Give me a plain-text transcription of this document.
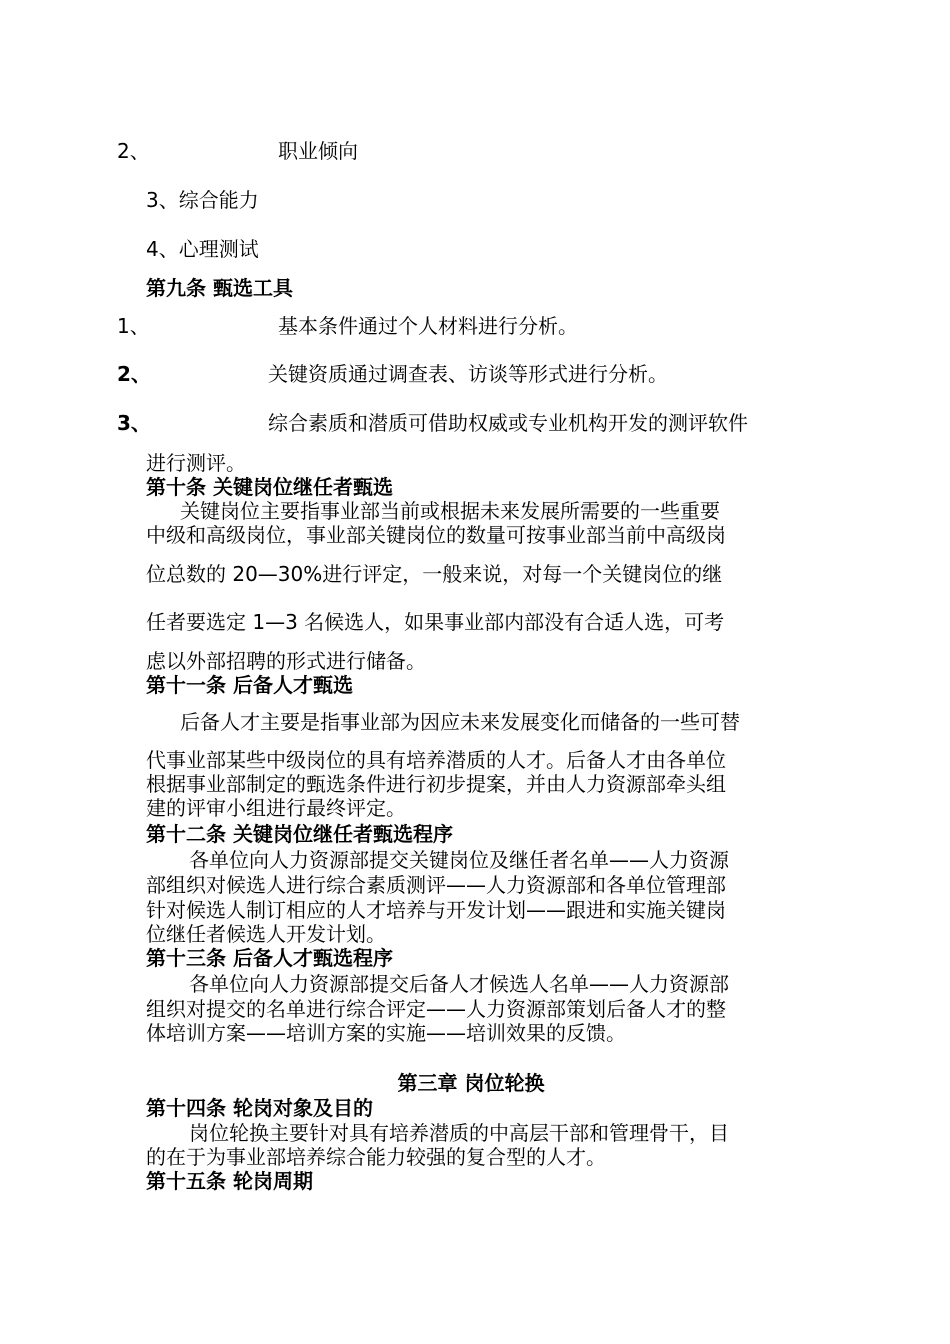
2、	职业倾向
3、综合能力
4、心理测试
第九条 甄选工具
1、	基本条件通过个人材料进行分析。
2、	关键资质通过调查表、访谈等形式进行分析。
3、	综合素质和潜质可借助权威或专业机构开发的测评软件
进行测评。
第十条 关键岗位继任者甄选
关键岗位主要指事业部当前或根据未来发展所需要的一些重要
中级和高级岗位，事业部关键岗位的数量可按事业部当前中高级岗
位总数的 20—30%进行评定，一般来说，对每一个关键岗位的继
任者要选定 1—3 名候选人，如果事业部内部没有合适人选，可考
虑以外部招聘的形式进行储备。
第十一条 后备人才甄选
后备人才主要是指事业部为因应未来发展变化而储备的一些可替
代事业部某些中级岗位的具有培养潜质的人才。后备人才由各单位
根据事业部制定的甄选条件进行初步提案，并由人力资源部牵头组
建的评审小组进行最终评定。
第十二条 关键岗位继任者甄选程序
各单位向人力资源部提交关键岗位及继任者名单——人力资源
部组织对候选人进行综合素质测评——人力资源部和各单位管理部
针对候选人制订相应的人才培养与开发计划——跟进和实施关键岗
位继任者候选人开发计划。
第十三条 后备人才甄选程序
各单位向人力资源部提交后备人才候选人名单——人力资源部
组织对提交的名单进行综合评定——人力资源部策划后备人才的整
体培训方案——培训方案的实施——培训效果的反馈。
第三章 岗位轮换
第十四条 轮岗对象及目的
岗位轮换主要针对具有培养潜质的中高层干部和管理骨干，目
的在于为事业部培养综合能力较强的复合型的人才。
第十五条 轮岗周期
